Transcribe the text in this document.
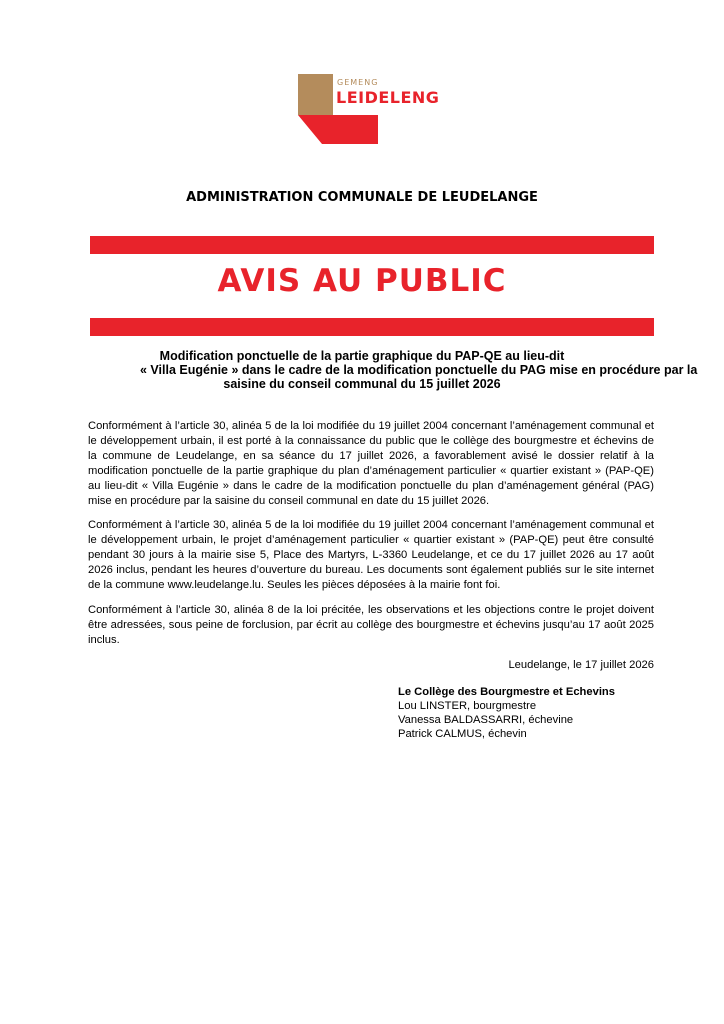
GEMENG
LEIDELENG
ADMINISTRATION COMMUNALE DE LEUDELANGE
AVIS AU PUBLIC
Modification ponctuelle de la partie graphique du PAP-QE au lieu-dit
« Villa Eugénie » dans le cadre de la modification ponctuelle du PAG mise en procédure par la
saisine du conseil communal du 15 juillet 2026
Conformément à l’article 30, alinéa 5 de la loi modifiée du 19 juillet 2004 concernant l’aménagement communal et le développement urbain, il est porté à la connaissance du public que le collège des bourgmestre et échevins de la commune de Leudelange, en sa séance du 17 juillet 2026, a favorablement avisé le dossier relatif à la modification ponctuelle de la partie graphique du plan d’aménagement particulier « quartier existant » (PAP-QE) au lieu-dit « Villa Eugénie » dans le cadre de la modification ponctuelle du plan d’aménagement général (PAG) mise en procédure par la saisine du conseil communal en date du 15 juillet 2026.
Conformément à l’article 30, alinéa 5 de la loi modifiée du 19 juillet 2004 concernant l’aménagement communal et le développement urbain, le projet d’aménagement particulier « quartier existant » (PAP-QE) peut être consulté pendant 30 jours à la mairie sise 5, Place des Martyrs, L-3360 Leudelange, et ce du 17 juillet 2026 au 17 août 2026 inclus, pendant les heures d’ouverture du bureau. Les documents sont également publiés sur le site internet de la commune www.leudelange.lu. Seules les pièces déposées à la mairie font foi.
Conformément à l’article 30, alinéa 8 de la loi précitée, les observations et les objections contre le projet doivent être adressées, sous peine de forclusion, par écrit au collège des bourgmestre et échevins jusqu’au 17 août 2025 inclus.
Leudelange, le 17 juillet 2026
Le Collège des Bourgmestre et Echevins
Lou LINSTER, bourgmestre
Vanessa BALDASSARRI, échevine
Patrick CALMUS, échevin
